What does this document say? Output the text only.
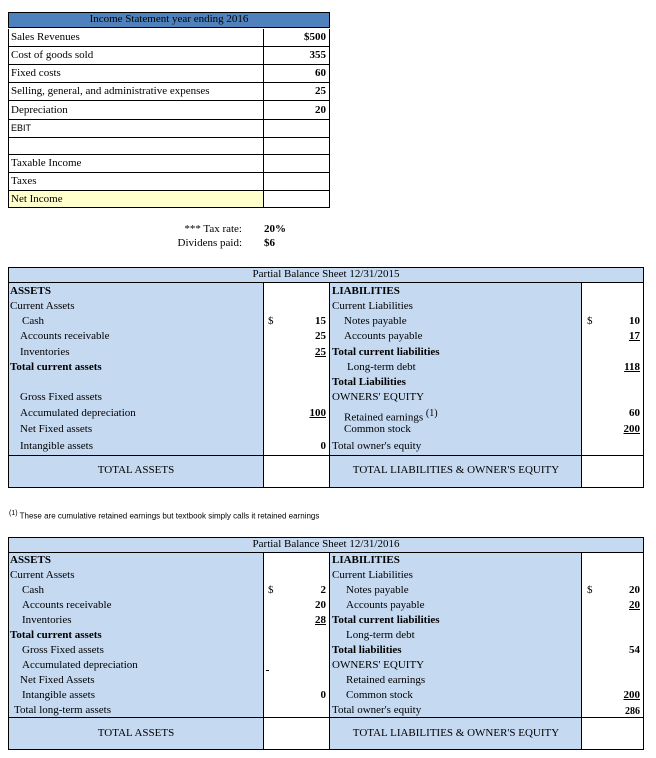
Income Statement year ending 2016
Sales Revenues	$500
Cost of goods sold	355
Fixed costs	60
Selling, general, and administrative expenses	25
Depreciation	20
EBIT
Taxable Income
Taxes
Net Income
*** Tax rate: 20%
Dividens paid: $6
Partial Balance Sheet 12/31/2015
ASSETS
Current Assets
Cash	$	15
Accounts receivable	25
Inventories	25
Total current assets
Gross Fixed assets
Accumulated depreciation	100
Net Fixed assets
Intangible assets	0
TOTAL ASSETS
LIABILITIES
Current Liabilities
Notes payable	$	10
Accounts payable	17
Total current liabilities
Long-term debt	118
Total Liabilities
OWNERS' EQUITY
Retained earnings $^{(1)}$	60
Common stock	200
Total owner's equity
TOTAL LIABILITIES & OWNER'S EQUITY
$^{(1)}$ These are cumulative retained earnings but textbook simply calls it retained earnings
Partial Balance Sheet 12/31/2016
ASSETS
Current Assets
Cash	$	2
Accounts receivable	20
Inventories	28
Total current assets
Gross Fixed assets
Accumulated depreciation
Net Fixed Assets
Intangible assets	0
Total long-term assets
TOTAL ASSETS
LIABILITIES
Current Liabilities
Notes payable	$	20
Accounts payable	20
Total current liabilities
Long-term debt
Total liabilities	54
OWNERS' EQUITY
Retained earnings
Common stock	200
Total owner's equity	286
TOTAL LIABILITIES & OWNER'S EQUITY
